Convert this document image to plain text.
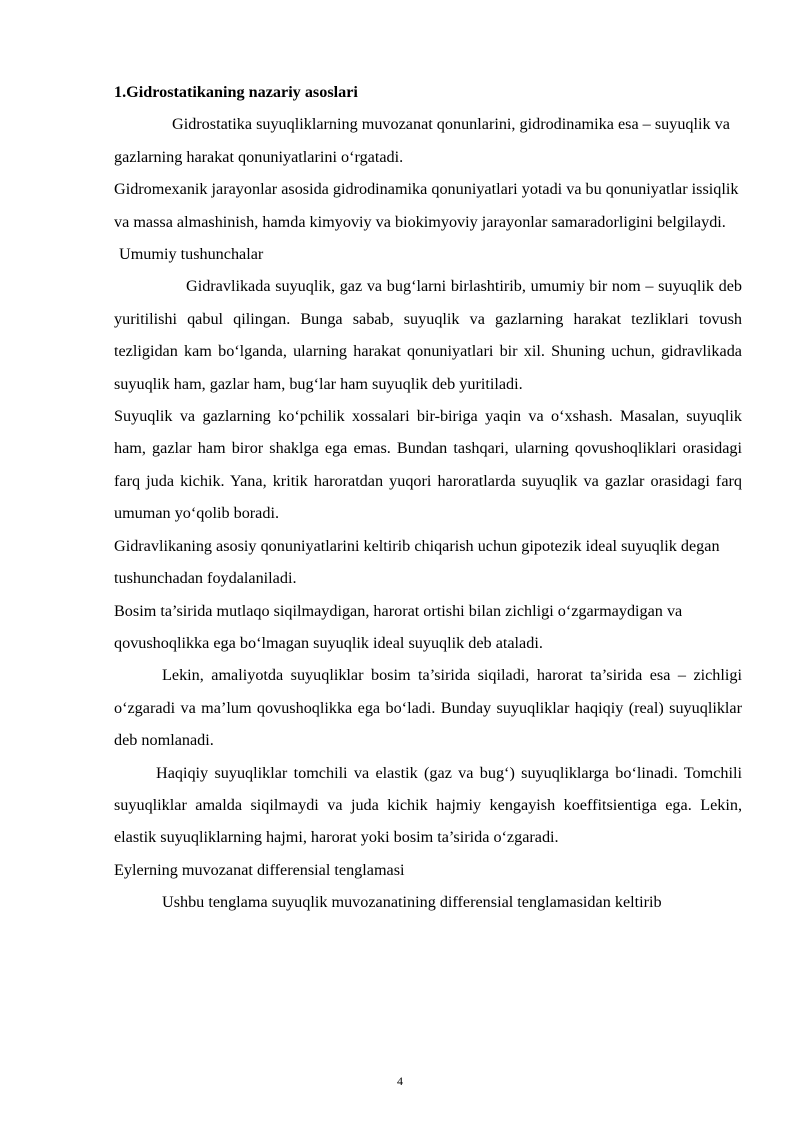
1.Gidrostatikaning nazariy asoslari

Gidrostatika suyuqliklarning muvozanat qonunlarini, gidrodinamika esa – suyuqlik va gazlarning harakat qonuniyatlarini o‘rgatadi.

Gidromexanik jarayonlar asosida gidrodinamika qonuniyatlari yotadi va bu qonuniyatlar issiqlik va massa almashinish, hamda kimyoviy va biokimyoviy jarayonlar samaradorligini belgilaydi.

Umumiy tushunchalar

Gidravlikada suyuqlik, gaz va bug‘larni birlashtirib, umumiy bir nom – suyuqlik deb yuritilishi qabul qilingan. Bunga sabab, suyuqlik va gazlarning harakat tezliklari tovush tezligidan kam bo‘lganda, ularning harakat qonuniyatlari bir xil. Shuning uchun, gidravlikada suyuqlik ham, gazlar ham, bug‘lar ham suyuqlik deb yuritiladi.

Suyuqlik va gazlarning ko‘pchilik xossalari bir-biriga yaqin va o‘xshash. Masalan, suyuqlik ham, gazlar ham biror shaklga ega emas. Bundan tashqari, ularning qovushoqliklari orasidagi farq juda kichik. Yana, kritik haroratdan yuqori haroratlarda suyuqlik va gazlar orasidagi farq umuman yo‘qolib boradi.

Gidravlikaning asosiy qonuniyatlarini keltirib chiqarish uchun gipotezik ideal suyuqlik degan tushunchadan foydalaniladi.

Bosim ta’sirida mutlaqo siqilmaydigan, harorat ortishi bilan zichligi o‘zgarmaydigan va qovushoqlikka ega bo‘lmagan suyuqlik ideal suyuqlik deb ataladi.

Lekin, amaliyotda suyuqliklar bosim ta’sirida siqiladi, harorat ta’sirida esa – zichligi o‘zgaradi va ma’lum qovushoqlikka ega bo‘ladi. Bunday suyuqliklar haqiqiy (real) suyuqliklar deb nomlanadi.

Haqiqiy suyuqliklar tomchili va elastik (gaz va bug‘) suyuqliklarga bo‘linadi. Tomchili suyuqliklar amalda siqilmaydi va juda kichik hajmiy kengayish koeffitsientiga ega. Lekin, elastik suyuqliklarning hajmi, harorat yoki bosim ta’sirida o‘zgaradi.

Eylerning muvozanat differensial tenglamasi

Ushbu tenglama suyuqlik muvozanatining differensial tenglamasidan keltirib

4
